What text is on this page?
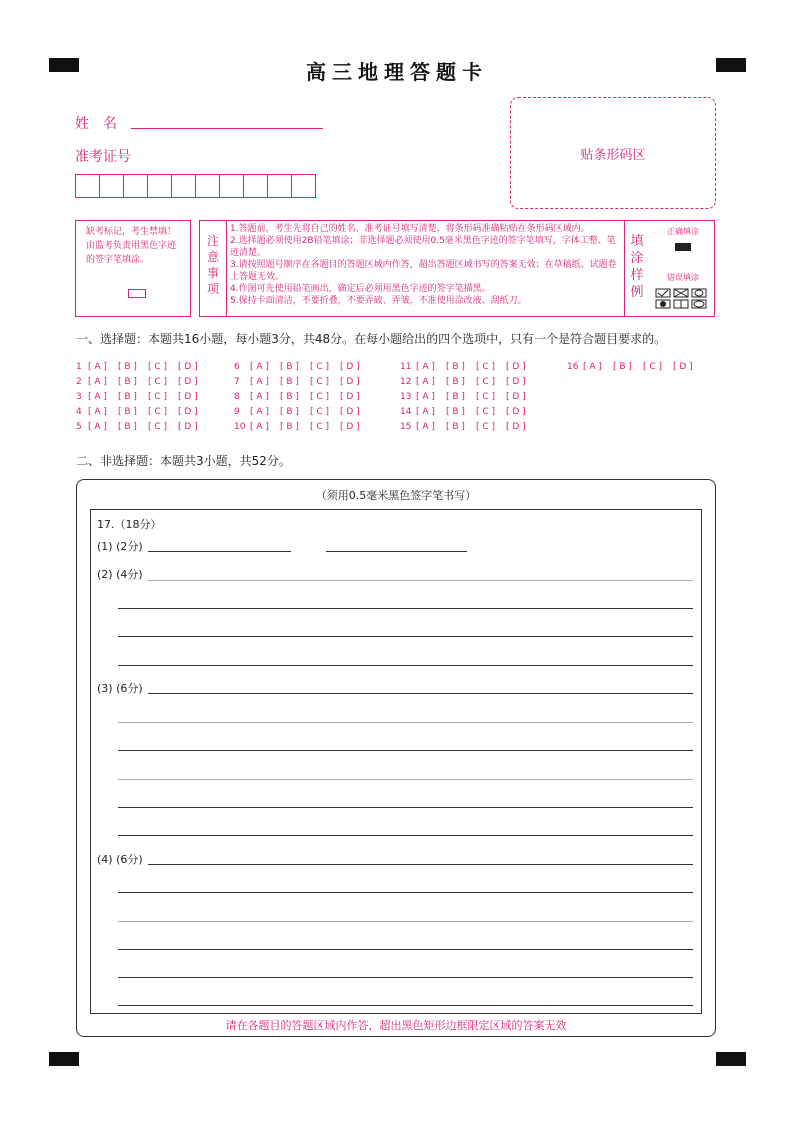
高三地理答题卡
姓　名
准考证号	贴条形码区
缺考标记，考生禁填！由监考负责用黑色字迹的签字笔填涂。
注
意
事
项
1.答题前，考生先将自己的姓名、准考证号填写清楚，将条形码准确粘贴在条形码区域内。
2.选择题必须使用2B铅笔填涂；非选择题必须使用0.5毫米黑色字迹的签字笔填写，字体工整、笔迹清楚。
3.请按照题号顺序在各题目的答题区域内作答，超出答题区域书写的答案无效；在草稿纸、试题卷上答题无效。
4.作图可先使用铅笔画出，确定后必须用黑色字迹的签字笔描黑。
5.保持卡面清洁，不要折叠，不要弄破、弄皱，不准使用涂改液、刮纸刀。
填
涂
样
例
正确填涂
错误填涂
一、选择题：本题共16小题，每小题3分，共48分。在每小题给出的四个选项中，只有一个是符合题目要求的。
1 [ A ] [ B ] [ C ] [ D ]
2 [ A ] [ B ] [ C ] [ D ]
3 [ A ] [ B ] [ C ] [ D ]
4 [ A ] [ B ] [ C ] [ D ]
5 [ A ] [ B ] [ C ] [ D ]
6 [ A ] [ B ] [ C ] [ D ]
7 [ A ] [ B ] [ C ] [ D ]
8 [ A ] [ B ] [ C ] [ D ]
9 [ A ] [ B ] [ C ] [ D ]
10 [ A ] [ B ] [ C ] [ D ]
11 [ A ] [ B ] [ C ] [ D ]
12 [ A ] [ B ] [ C ] [ D ]
13 [ A ] [ B ] [ C ] [ D ]
14 [ A ] [ B ] [ C ] [ D ]
15 [ A ] [ B ] [ C ] [ D ]
16 [ A ] [ B ] [ C ] [ D ]
二、非选择题：本题共3小题，共52分。
（须用0.5毫米黑色签字笔书写）
17.（18分）
(1) (2分)
(2) (4分)
(3) (6分)
(4) (6分)
请在各题目的答题区域内作答，超出黑色矩形边框限定区域的答案无效
